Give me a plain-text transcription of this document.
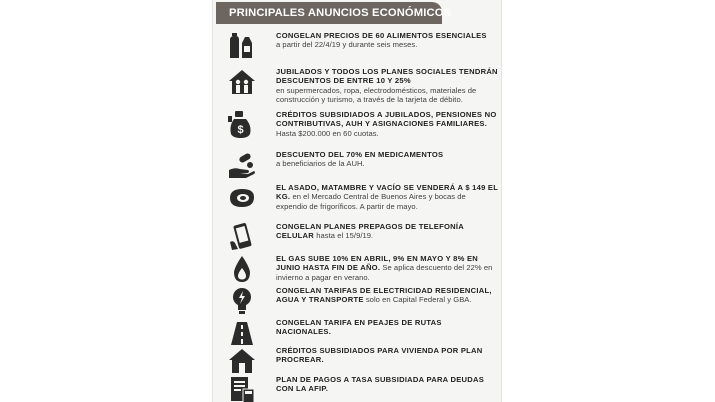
PRINCIPALES ANUNCIOS ECONÓMICOS
CONGELAN PRECIOS DE 60 ALIMENTOS ESENCIALES
a partir del 22/4/19 y durante seis meses.
JUBILADOS Y TODOS LOS PLANES SOCIALES TENDRÁN DESCUENTOS DE ENTRE 10 Y 25%
en supermercados, ropa, electrodomésticos, materiales de construcción y turismo, a través de la tarjeta de débito.
$
CRÉDITOS SUBSIDIADOS A JUBILADOS, PENSIONES NO CONTRIBUTIVAS, AUH Y ASIGNACIONES FAMILIARES.
Hasta $200.000 en 60 cuotas.
DESCUENTO DEL 70% EN MEDICAMENTOS
a beneficiarios de la AUH.
EL ASADO, MATAMBRE Y VACÍO SE VENDERÁ A $ 149 EL KG. en el Mercado Central de Buenos Aires y bocas de expendio de frigoríficos. A partir de mayo.
CONGELAN PLANES PREPAGOS DE TELEFONÍA CELULAR hasta el 15/9/19.
EL GAS SUBE 10% EN ABRIL, 9% EN MAYO Y 8% EN JUNIO HASTA FIN DE AÑO. Se aplica descuento del 22% en invierno a pagar en verano.
CONGELAN TARIFAS DE ELECTRICIDAD RESIDENCIAL, AGUA Y TRANSPORTE solo en Capital Federal y GBA.
CONGELAN TARIFA EN PEAJES DE RUTAS NACIONALES.
CRÉDITOS SUBSIDIADOS PARA VIVIENDA POR PLAN PROCREAR.
PLAN DE PAGOS A TASA SUBSIDIADA PARA DEUDAS CON LA AFIP.
